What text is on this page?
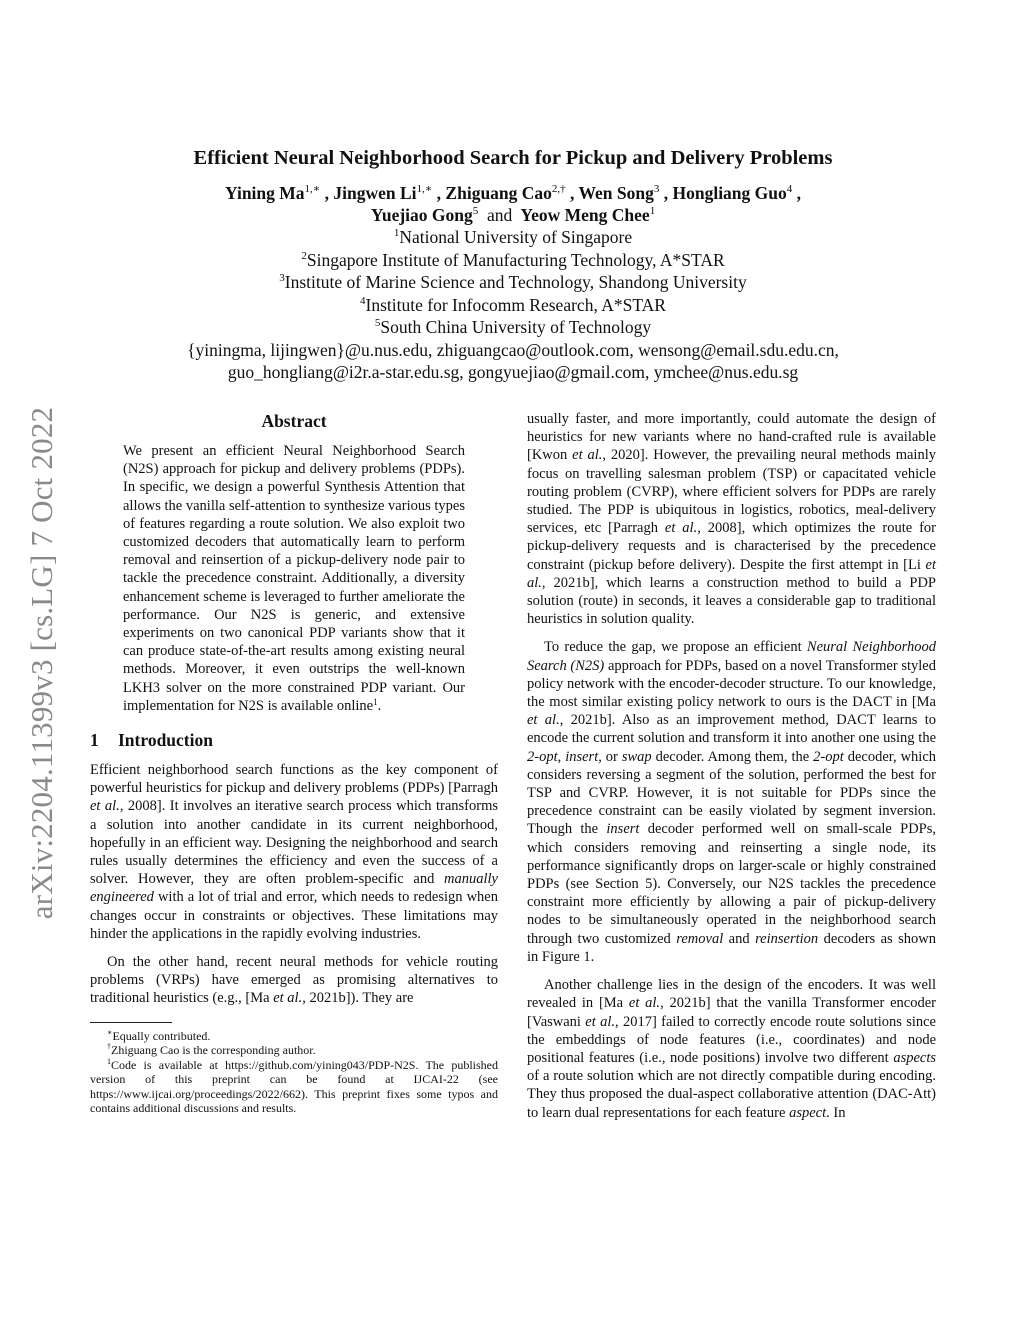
arXiv:2204.11399v3 [cs.LG] 7 Oct 2022
Efficient Neural Neighborhood Search for Pickup and Delivery Problems
Yining $Ma^{1,∗}$ , Jingwen $Li^{1,∗}$ , Zhiguang Cao$^{2,\dagger}$ , Wen Song$^3$ , Hongliang Guo$^4$ ,
Yuejiao Gong$^5$ and Yeow Meng Chee$^1$
$^1$National University of Singapore
$^2$Singapore Institute of Manufacturing Technology, A*STAR
$^3$Institute of Marine Science and Technology, Shandong University
$^4$Institute for Infocomm Research, A*STAR
$^5$South China University of Technology
{yiningma, lijingwen}@u.nus.edu, zhiguangcao@outlook.com, wensong@email.sdu.edu.cn,
guo_hongliang@i2r.a-star.edu.sg, gongyuejiao@gmail.com, ymchee@nus.edu.sg
Abstract

We present an efficient Neural Neighborhood Search (N2S) approach for pickup and delivery problems (PDPs). In specific, we design a powerful Synthesis Attention that allows the vanilla self-attention to synthesize various types of features regarding a route solution. We also exploit two customized decoders that automatically learn to perform removal and reinsertion of a pickup-delivery node pair to tackle the precedence constraint. Additionally, a diversity enhancement scheme is leveraged to further ameliorate the performance. Our N2S is generic, and extensive experiments on two canonical PDP variants show that it can produce state-of-the-art results among existing neural methods. Moreover, it even outstrips the well-known LKH3 solver on the more constrained PDP variant. Our implementation for N2S is available online$^1$.

1 Introduction

Efficient neighborhood search functions as the key component of powerful heuristics for pickup and delivery problems (PDPs) [Parragh et al., 2008]. It involves an iterative search process which transforms a solution into another candidate in its current neighborhood, hopefully in an efficient way. Designing the neighborhood and search rules usually determines the efficiency and even the success of a solver. However, they are often problem-specific and manually engineered with a lot of trial and error, which needs to redesign when changes occur in constraints or objectives. These limitations may hinder the applications in the rapidly evolving industries.

On the other hand, recent neural methods for vehicle routing problems (VRPs) have emerged as promising alternatives to traditional heuristics (e.g., [Ma et al., 2021b]). They are

∗Equally contributed.
†Zhiguang Cao is the corresponding author.
$^1$Code is available at https://github.com/yining043/PDP-N2S. The published version of this preprint can be found at IJCAI-22 (see https://www.ijcai.org/proceedings/2022/662). This preprint fixes some typos and contains additional discussions and results.

usually faster, and more importantly, could automate the design of heuristics for new variants where no hand-crafted rule is available [Kwon et al., 2020]. However, the prevailing neural methods mainly focus on travelling salesman problem (TSP) or capacitated vehicle routing problem (CVRP), where efficient solvers for PDPs are rarely studied. The PDP is ubiquitous in logistics, robotics, meal-delivery services, etc [Parragh et al., 2008], which optimizes the route for pickup-delivery requests and is characterised by the precedence constraint (pickup before delivery). Despite the first attempt in [Li et al., 2021b], which learns a construction method to build a PDP solution (route) in seconds, it leaves a considerable gap to traditional heuristics in solution quality.

To reduce the gap, we propose an efficient Neural Neighborhood Search (N2S) approach for PDPs, based on a novel Transformer styled policy network with the encoder-decoder structure. To our knowledge, the most similar existing policy network to ours is the DACT in [Ma et al., 2021b]. Also as an improvement method, DACT learns to encode the current solution and transform it into another one using the 2-opt, insert, or swap decoder. Among them, the 2-opt decoder, which considers reversing a segment of the solution, performed the best for TSP and CVRP. However, it is not suitable for PDPs since the precedence constraint can be easily violated by segment inversion. Though the insert decoder performed well on small-scale PDPs, which considers removing and reinserting a single node, its performance significantly drops on larger-scale or highly constrained PDPs (see Section 5). Conversely, our N2S tackles the precedence constraint more efficiently by allowing a pair of pickup-delivery nodes to be simultaneously operated in the neighborhood search through two customized removal and reinsertion decoders as shown in Figure 1.

Another challenge lies in the design of the encoders. It was well revealed in [Ma et al., 2021b] that the vanilla Transformer encoder [Vaswani et al., 2017] failed to correctly encode route solutions since the embeddings of node features (i.e., coordinates) and node positional features (i.e., node positions) involve two different aspects of a route solution which are not directly compatible during encoding. They thus proposed the dual-aspect collaborative attention (DAC-Att) to learn dual representations for each feature aspect. In
